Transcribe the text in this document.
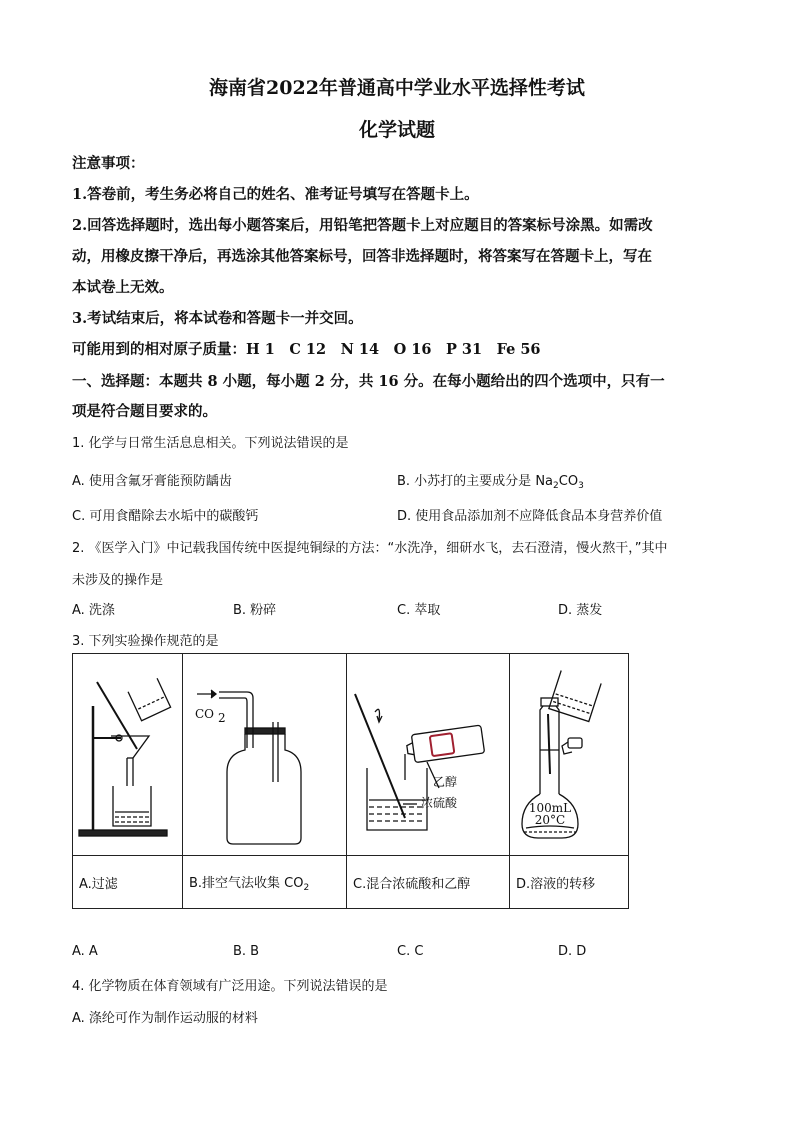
海南省2022年普通高中学业水平选择性考试
化学试题
注意事项：
1.答卷前，考生务必将自己的姓名、准考证号填写在答题卡上。
2.回答选择题时，选出每小题答案后，用铅笔把答题卡上对应题目的答案标号涂黑。如需改
动，用橡皮擦干净后，再选涂其他答案标号，回答非选择题时，将答案写在答题卡上，写在
本试卷上无效。
3.考试结束后，将本试卷和答题卡一并交回。
可能用到的相对原子质量：H 1　C 12　N 14　O 16　P 31　Fe 56
一、选择题：本题共 8 小题，每小题 2 分，共 16 分。在每小题给出的四个选项中，只有一
项是符合题目要求的。
1. 化学与日常生活息息相关。下列说法错误的是
A. 使用含氟牙膏能预防龋齿	B. 小苏打的主要成分是 $Na_2CO_3$
C. 可用食醋除去水垢中的碳酸钙	D. 使用食品添加剂不应降低食品本身营养价值
2. 《医学入门》中记载我国传统中医提纯铜绿的方法：“水洗净，细研水飞，去石澄清，慢火熬干，”其中
未涉及的操作是
A. 洗涤	B. 粉碎	C. 萃取	D. 蒸发
3. 下列实验操作规范的是

CO 2	乙醇
浓硫酸	100mL
20°C

A.过滤	B.排空气法收集 $CO_2$	C.混合浓硫酸和乙醇	D.溶液的转移
A. A	B. B	C. C	D. D
4. 化学物质在体育领域有广泛用途。下列说法错误的是
A. 涤纶可作为制作运动服的材料
